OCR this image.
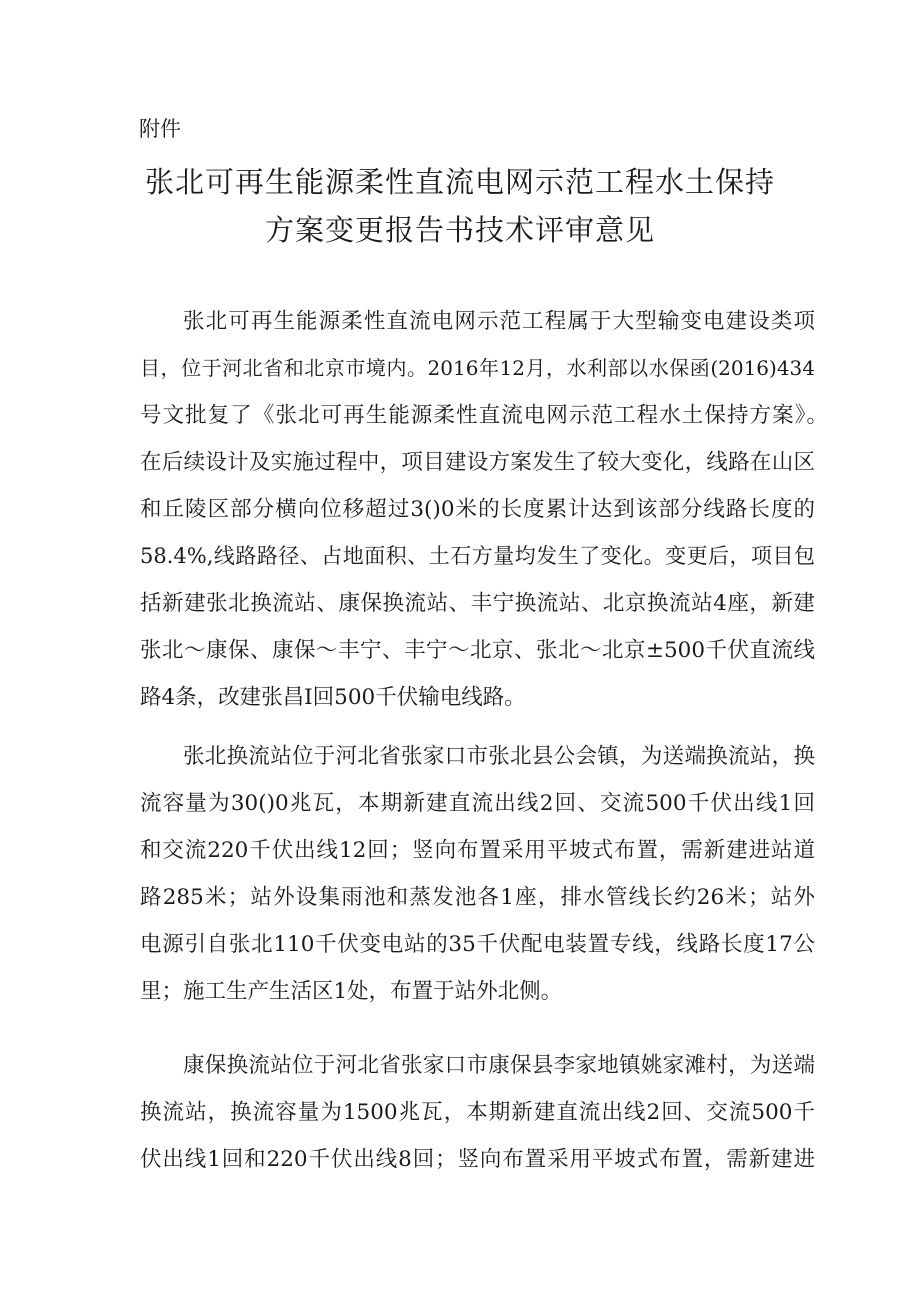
附件
张北可再生能源柔性直流电网示范工程水土保持
方案变更报告书技术评审意见
张北可再生能源柔性直流电网示范工程属于大型输变电建设类项
目，位于河北省和北京市境内。2016年12月，水利部以水保函(2016)434
号文批复了《张北可再生能源柔性直流电网示范工程水土保持方案》。
在后续设计及实施过程中，项目建设方案发生了较大变化，线路在山区
和丘陵区部分横向位移超过3()0米的长度累计达到该部分线路长度的
58.4%,线路路径、占地面积、土石方量均发生了变化。变更后，项目包
括新建张北换流站、康保换流站、丰宁换流站、北京换流站4座，新建
张北～康保、康保～丰宁、丰宁～北京、张北～北京±500千伏直流线
路4条，改建张昌I回500千伏输电线路。
张北换流站位于河北省张家口市张北县公会镇，为送端换流站，换
流容量为30()0兆瓦，本期新建直流出线2回、交流500千伏出线1回
和交流220千伏出线12回；竖向布置采用平坡式布置，需新建进站道
路285米；站外设集雨池和蒸发池各1座，排水管线长约26米；站外
电源引自张北110千伏变电站的35千伏配电装置专线，线路长度17公
里；施工生产生活区1处，布置于站外北侧。
康保换流站位于河北省张家口市康保县李家地镇姚家滩村，为送端
换流站，换流容量为1500兆瓦，本期新建直流出线2回、交流500千
伏出线1回和220千伏出线8回；竖向布置采用平坡式布置，需新建进
